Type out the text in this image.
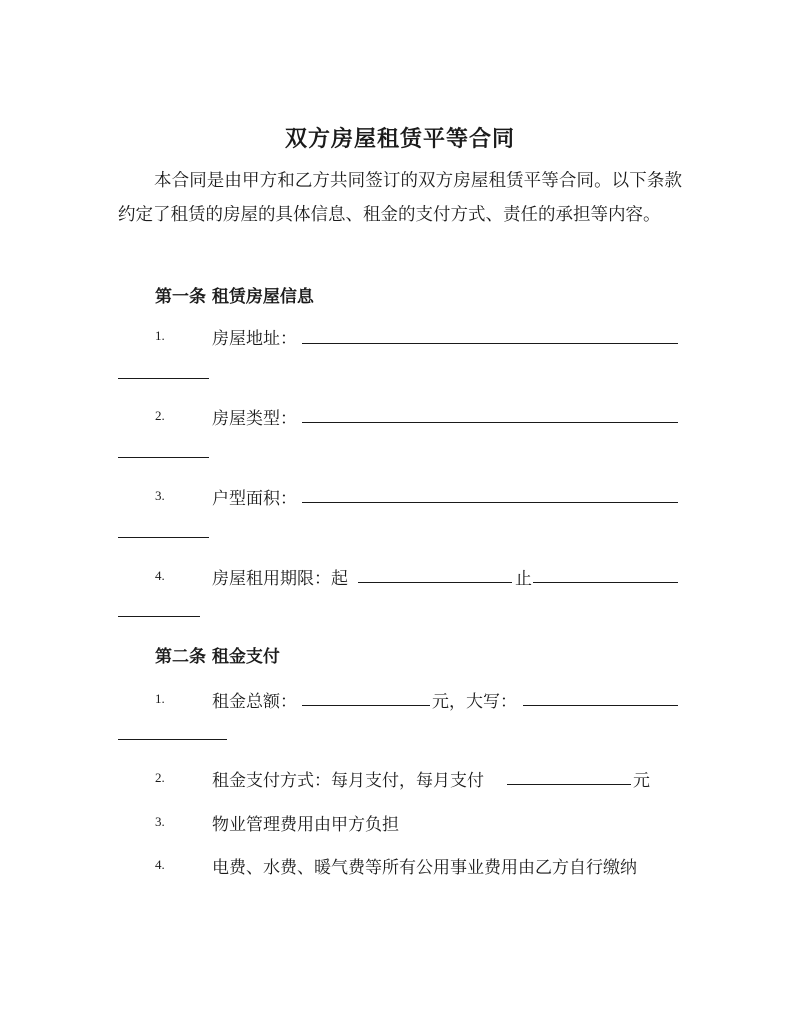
双方房屋租赁平等合同

本合同是由甲方和乙方共同签订的双方房屋租赁平等合同。以下条款约定了租赁的房屋的具体信息、租金的支付方式、责任的承担等内容。

第一条 租赁房屋信息
1.	房屋地址：
2.	房屋类型：
3.	户型面积：
4.	房屋租用期限：起	止
第二条 租金支付
1.	租金总额：	元，大写：
2.	租金支付方式：每月支付，每月支付	元
3.	物业管理费用由甲方负担
4.	电费、水费、暖气费等所有公用事业费用由乙方自行缴纳
